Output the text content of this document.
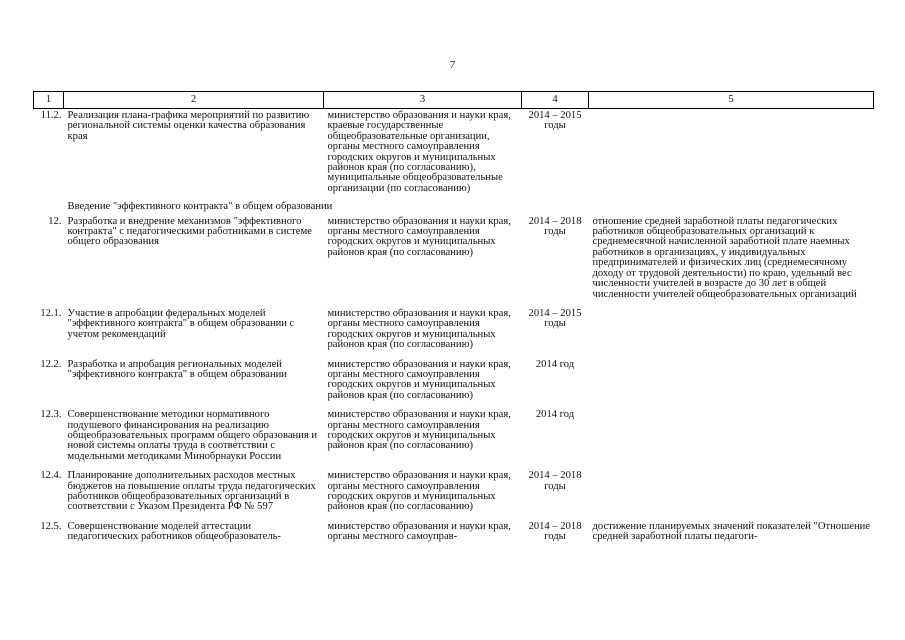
7
1	2	3	4	5
11.2.	Реализация плана-графика мероприятий по развитию региональной системы оценки качества образования края	министерство образования и науки края, краевые государственные общеобразовательные организации, органы местного самоуправления городских округов и муниципальных районов края (по согласованию), муниципальные общеобразовательные организации (по согласованию)	2014 – 2015 годы	
	Введение "эффективного контракта" в общем образовании			
12.	Разработка и внедрение механизмов "эффективного контракта" с педагогическими работниками в системе общего образования	министерство образования и науки края, органы местного самоуправления городских округов и муниципальных районов края (по согласованию)	2014 – 2018 годы	отношение средней заработной платы педагогических работников общеобразовательных организаций к среднемесячной начисленной заработной плате наемных работников в организациях, у индивидуальных предпринимателей и физических лиц (среднемесячному доходу от трудовой деятельности) по краю, удельный вес численности учителей в возрасте до 30 лет в общей численности учителей общеобразовательных организаций
12.1.	Участие в апробации федеральных моделей "эффективного контракта" в общем образовании с учетом рекомендаций	министерство образования и науки края, органы местного самоуправления городских округов и муниципальных районов края (по согласованию)	2014 – 2015 годы	
12.2.	Разработка и апробация региональных моделей "эффективного контракта" в общем образовании	министерство образования и науки края, органы местного самоуправления городских округов и муниципальных районов края (по согласованию)	2014 год	
12.3.	Совершенствование методики нормативного подушевого финансирования на реализацию общеобразовательных программ общего образования и новой системы оплаты труда в соответствии с модельными методиками Минобрнауки России	министерство образования и науки края, органы местного самоуправления городских округов и муниципальных районов края (по согласованию)	2014 год	
12.4.	Планирование дополнительных расходов местных бюджетов на повышение оплаты труда педагогических работников общеобразовательных организаций в соответствии с Указом Президента РФ № 597	министерство образования и науки края, органы местного самоуправления городских округов и муниципальных районов края (по согласованию)	2014 – 2018 годы	
12.5.	Совершенствование моделей аттестации педагогических работников общеобразователь-	министерство образования и науки края, органы местного самоуправ-	2014 – 2018 годы	достижение планируемых значений показателей "Отношение средней заработной платы педагоги-
